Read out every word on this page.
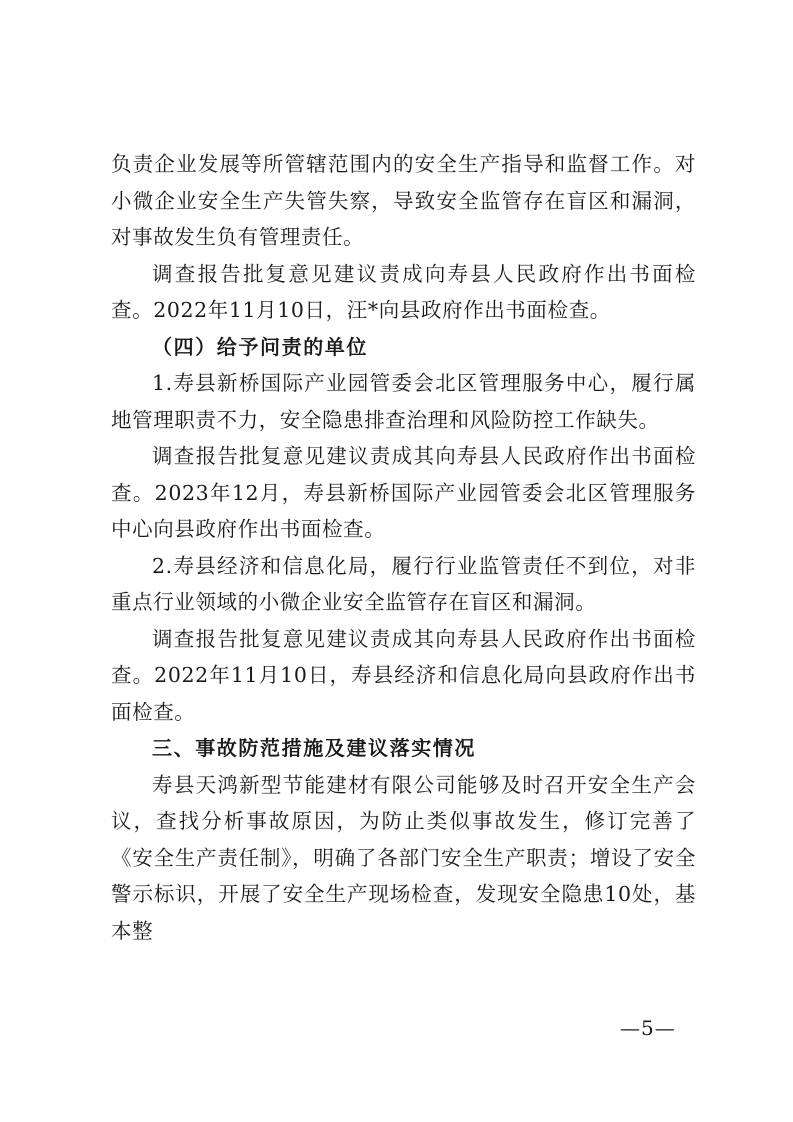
负责企业发展等所管辖范围内的安全生产指导和监督工作。对小微企业安全生产失管失察，导致安全监管存在盲区和漏洞，对事故发生负有管理责任。

调查报告批复意见建议责成向寿县人民政府作出书面检查。2022年11月10日，汪*向县政府作出书面检查。

（四）给予问责的单位

1.寿县新桥国际产业园管委会北区管理服务中心，履行属地管理职责不力，安全隐患排查治理和风险防控工作缺失。

调查报告批复意见建议责成其向寿县人民政府作出书面检查。2023年12月，寿县新桥国际产业园管委会北区管理服务中心向县政府作出书面检查。

2.寿县经济和信息化局，履行行业监管责任不到位，对非重点行业领域的小微企业安全监管存在盲区和漏洞。

调查报告批复意见建议责成其向寿县人民政府作出书面检查。2022年11月10日，寿县经济和信息化局向县政府作出书面检查。

三、事故防范措施及建议落实情况

寿县天鸿新型节能建材有限公司能够及时召开安全生产会议，查找分析事故原因，为防止类似事故发生，修订完善了《安全生产责任制》，明确了各部门安全生产职责；增设了安全警示标识，开展了安全生产现场检查，发现安全隐患10处，基本整

—5—
